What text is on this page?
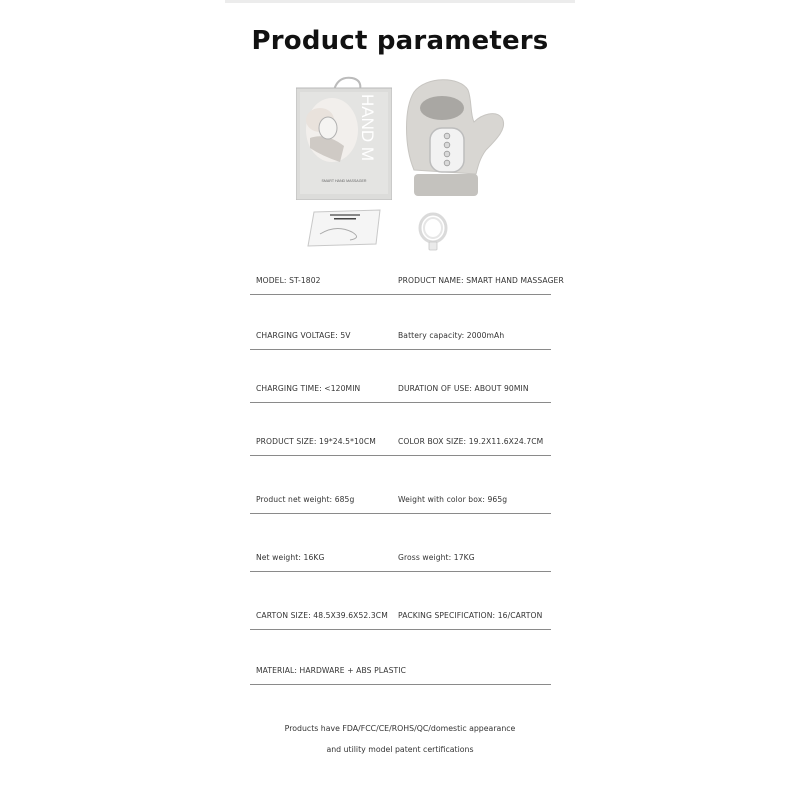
Product parameters
HAND M
SMART HAND MASSAGER
MODEL: ST-1802	PRODUCT NAME: SMART HAND MASSAGER
CHARGING VOLTAGE: 5V	Battery capacity: 2000mAh
CHARGING TIME: <120MIN	DURATION OF USE: ABOUT 90MIN
PRODUCT SIZE: 19*24.5*10CM	COLOR BOX SIZE: 19.2X11.6X24.7CM
Product net weight: 685g	Weight with color box: 965g
Net weight: 16KG	Gross weight: 17KG
CARTON SIZE: 48.5X39.6X52.3CM PACKING SPECIFICATION: 16/CARTON
MATERIAL: HARDWARE + ABS PLASTIC
Products have FDA/FCC/CE/ROHS/QC/domestic appearance
and utility model patent certifications
